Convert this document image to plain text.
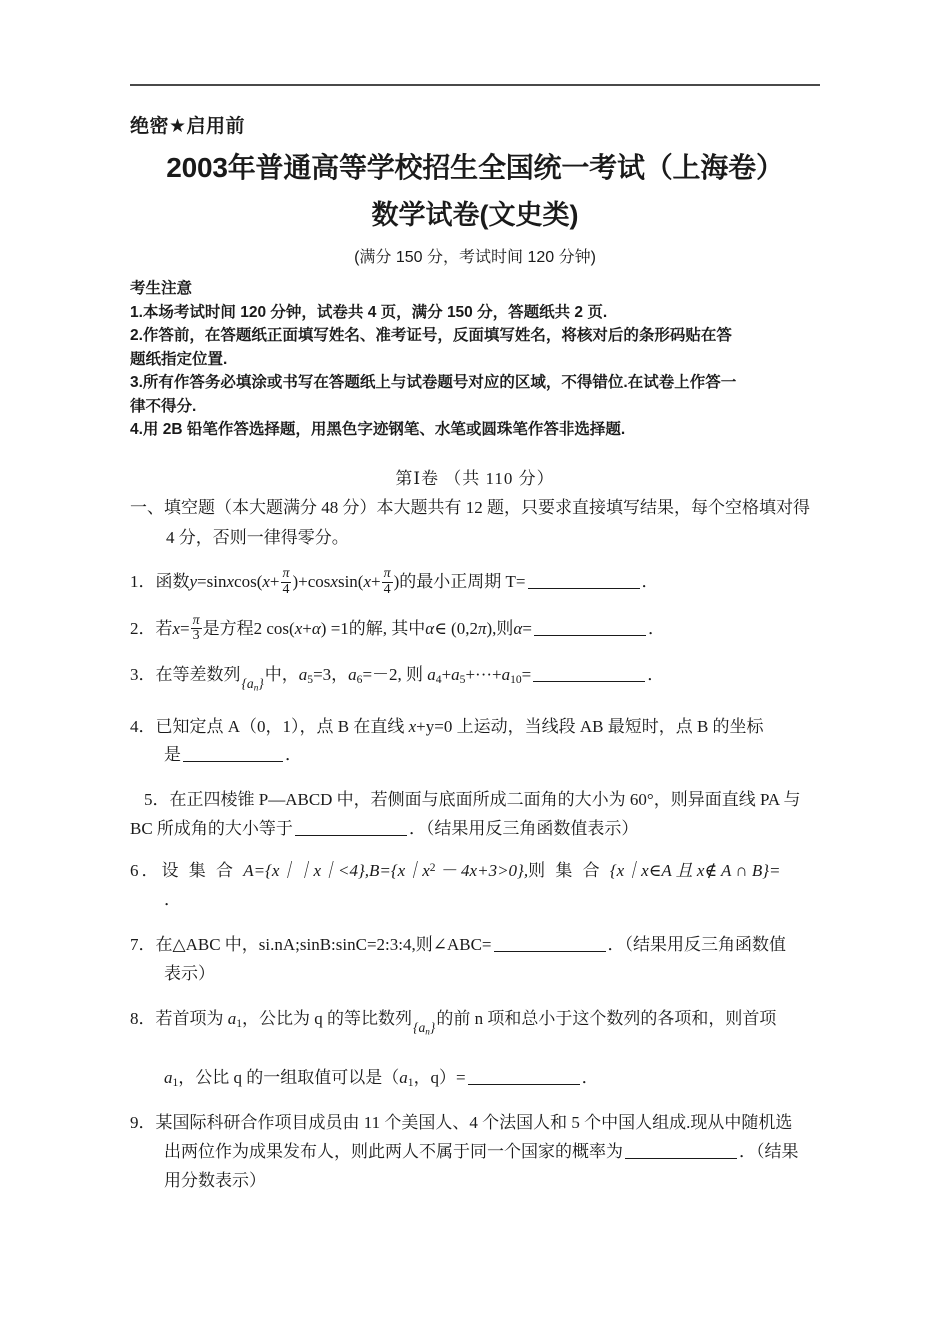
绝密★启用前
2003年普通高等学校招生全国统一考试（上海卷）
数学试卷(文史类)
(满分 150 分，考试时间 120 分钟)
考生注意
1.本场考试时间 120 分钟，试卷共 4 页，满分 150 分，答题纸共 2 页.
2.作答前，在答题纸正面填写姓名、准考证号，反面填写姓名，将核对后的条形码贴在答
题纸指定位置.
3.所有作答务必填涂或书写在答题纸上与试卷题号对应的区域，不得错位.在试卷上作答一
律不得分.
4.用 2B 铅笔作答选择题，用黑色字迹钢笔、水笔或圆珠笔作答非选择题.
第Ⅰ卷 （共 110 分）
一、填空题（本大题满分 48 分）本大题共有 12 题，只要求直接填写结果，每个空格填对得
4 分，否则一律得零分。
1．函数y=sinxcos(x+ $\frac{\pi}{4}$ )+cosxsin(x+ $\frac{\pi}{4}$ )的最小正周期 T=	．
2．若$x= \frac{\pi}{3}$ 是方程2 cos(x+α) =1的解, 其中α∈ (0,2π),则α=	．
3．在等差数列$\{a_n\}$中，$a_5=3$，$a_6=-2$, 则 $a_4+a_5+\cdot\cdot\cdot+a_{10}=$	．
4．已知定点 A（0，1），点 B 在直线 x+y=0 上运动，当线段 AB 最短时，点 B 的坐标
是	．
5．在正四棱锥 P—ABCD 中，若侧面与底面所成二面角的大小为 60°，则异面直线 PA 与
BC 所成角的大小等于	．（结果用反三角函数值表示）
6．设 集 合 $A=\{x||x|<4\},B=\{x|x^2 - 4x+3>0\}$,则 集 合 {x｜x∈A 且 x∉ A ∩ B}=
．
7．在△ABC 中，si.nA;sinB:sinC=2:3:4,则∠ABC=	．（结果用反三角函数值
表示）
8．若首项为 $a_1$，公比为 q 的等比数列$\{a_n\}$的前 n 项和总小于这个数列的各项和，则首项
$a_1$，公比 q 的一组取值可以是（$a_1$，q）=	．
9．某国际科研合作项目成员由 11 个美国人、4 个法国人和 5 个中国人组成.现从中随机选
出两位作为成果发布人，则此两人不属于同一个国家的概率为	．（结果
用分数表示）
